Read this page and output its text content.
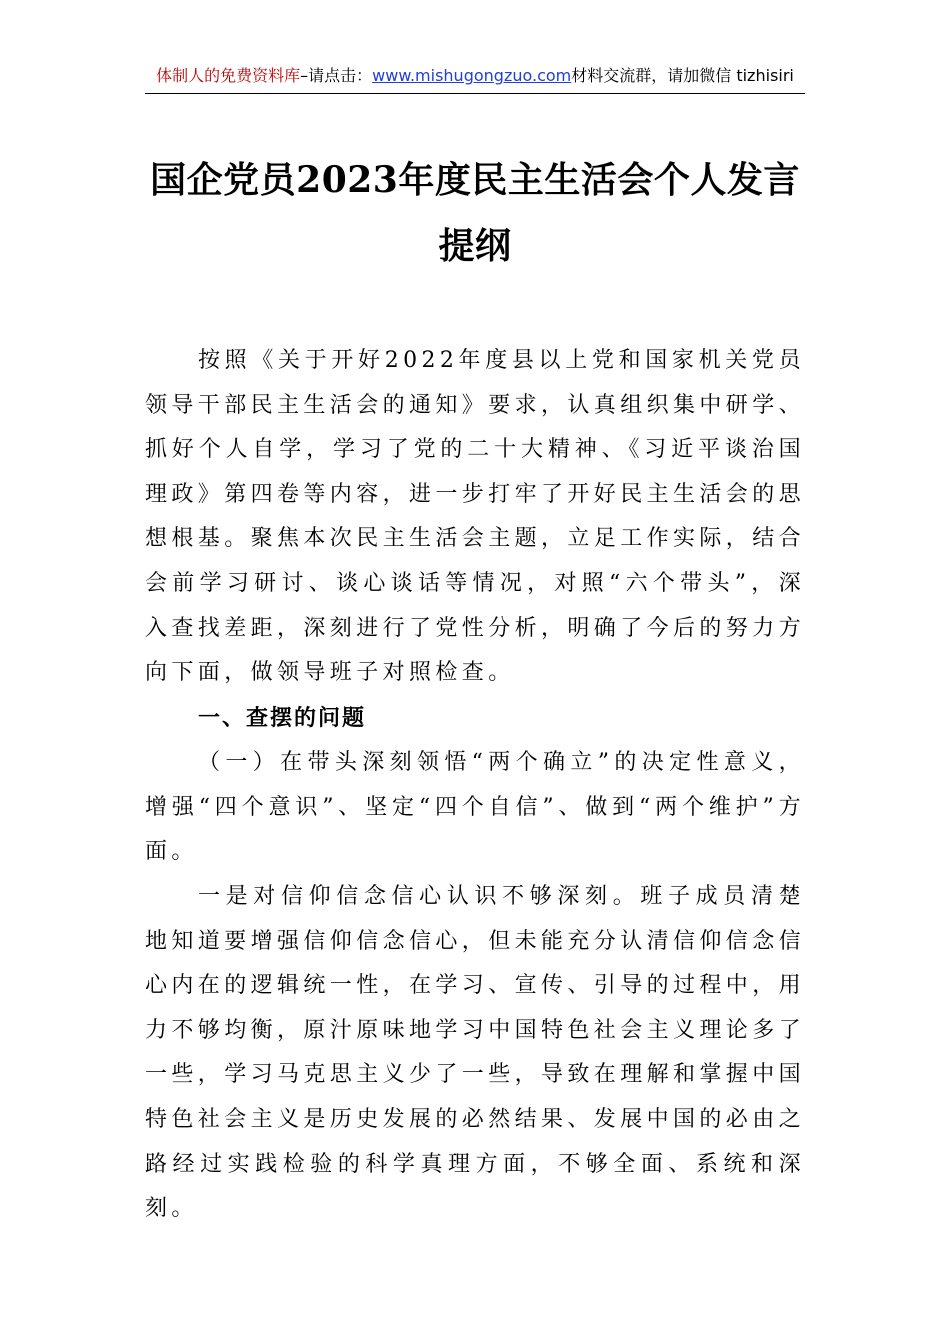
体制人的免费资料库–请点击：www.mishugongzuo.com材料交流群，请加微信 tizhisiri
国企党员2023年度民主生活会个人发言提纲
按照《关于开好2022年度县以上党和国家机关党员领导干部民主生活会的通知》要求，认真组织集中研学、抓好个人自学，学习了党的二十大精神、《习近平谈治国理政》第四卷等内容，进一步打牢了开好民主生活会的思想根基。聚焦本次民主生活会主题，立足工作实际，结合会前学习研讨、谈心谈话等情况，对照“六个带头”，深入查找差距，深刻进行了党性分析，明确了今后的努力方向下面，做领导班子对照检查。
一、查摆的问题
（一）在带头深刻领悟“两个确立”的决定性意义，增强“四个意识”、坚定“四个自信”、做到“两个维护”方面。
一是对信仰信念信心认识不够深刻。班子成员清楚地知道要增强信仰信念信心，但未能充分认清信仰信念信心内在的逻辑统一性，在学习、宣传、引导的过程中，用力不够均衡，原汁原味地学习中国特色社会主义理论多了一些，学习马克思主义少了一些，导致在理解和掌握中国特色社会主义是历史发展的必然结果、发展中国的必由之路经过实践检验的科学真理方面，不够全面、系统和深刻。
